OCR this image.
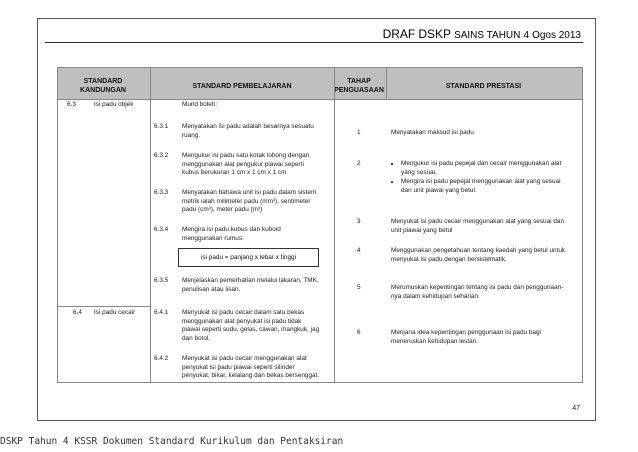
DRAF DSKP SAINS TAHUN 4 Ogos 2013
STANDARD
KANDUNGAN
STANDARD PEMBELAJARAN
TAHAP
PENGUASAAN
STANDARD PRESTASI
6.3	Isi padu objek
6.4 Isi padu cecair
Murid boleh:
6.3.1 Menyatakan isi padu adalah besarnya sesuatu
ruang.
6.3.2 Mengukur isi padu satu kotak lohong dengan
menggunakan alat pengukur piawai seperti
kubus berukuran 1 cm x 1 cm x 1 cm
6.3.3 Menyatakan bahawa unit isi padu dalam sistem
metrik ialah milimeter padu (mm³), sentimeter
padu (cm³), meter padu (m³)
6.3.4 Mengira isi padu kubus dan kuboid
menggunakan rumus:
isi padu = panjang x lebar x tinggi
6.3.5 Menjelaskan pemerhatian melalui lakaran, TMK,
penulisan atau lisan.
6.4.1 Menyukat isi padu cecair dalam satu bekas
menggunakan alat penyukat isi padu tidak
piawai seperti sudu, gelas, cawan, mangkuk, jag
dan botol.
6.4.2 Menyukat isi padu cecair menggunakan alat
penyukat isi padu piawai seperti silinder
penyukat, bikar, kelalang dan bekas bersenggat.
1	Menyatakan maksud isi padu
2
•	Mengukur isi padu pepejal dan cecair menggunakan alat
yang sesuai.
• Mengira isi padu pepejal menggunakan alat yang sesuai
dan unit piawai yang betul.
3	Menyukat isi padu cecair menggunakan alat yang sesuai dan
unit piawai yang betul
4	Menggunakan pengetahuan tentang kaedah yang betul untuk
menyukat isi padu dengan bersistematik.
5	Merumuskan kepentingan tentang isi padu dan penggunaan-
nya dalam kehidupan seharian.
6	Menjana idea kepentingan penggunaan isi padu bagi
meneruskan kehidupan lestari.
47
DSKP Tahun 4 KSSR Dokumen Standard Kurikulum dan Pentaksiran
